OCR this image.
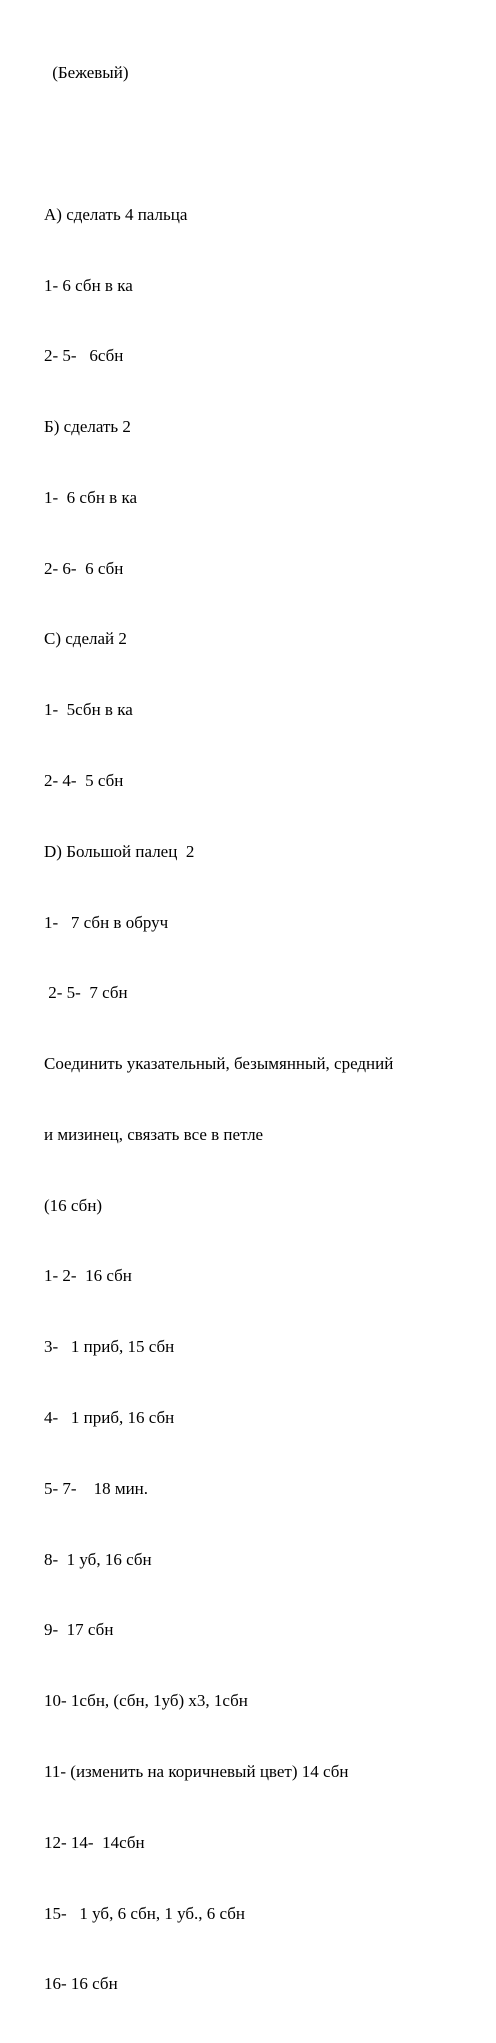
(Бежевый)

А) сделать 4 пальца

1- 6 сбн в ка

2- 5-   6сбн

Б) сделать 2

1-  6 сбн в ка

2- 6-  6 сбн

С) сделай 2

1-  5сбн в ка

2- 4-  5 сбн

D) Большой палец  2

1-   7 сбн в обруч

2- 5-  7 сбн

Соединить указательный, безымянный, средний

и мизинец, связать все в петле

(16 сбн)

1- 2-  16 сбн

3-   1 приб, 15 сбн

4-   1 приб, 16 сбн

5- 7-    18 мин.

8-  1 уб, 16 сбн

9-  17 сбн

10- 1сбн, (сбн, 1уб) х3, 1сбн

11- (изменить на коричневый цвет) 14 сбн

12- 14-  14сбн

15-   1 уб, 6 сбн, 1 уб., 6 сбн

16- 16 сбн
